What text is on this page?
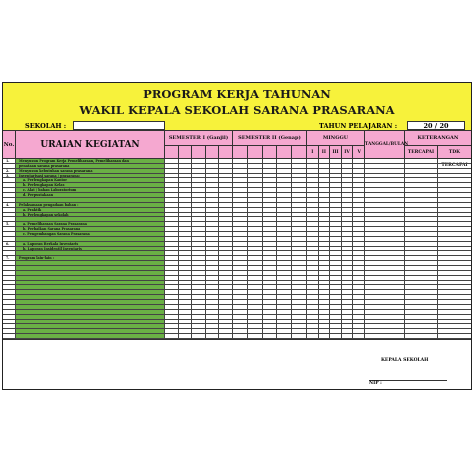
PROGRAM KERJA TAHUNAN
WAKIL KEPALA SEKOLAH SARANA PRASARANA
SEKOLAH :	TAHUN PELAJARAN :	20 / 20
No.	URAIAN KEGIATAN
SEMESTER I (Ganjil)	SEMESTER II (Genap)	MINGGU
I	II	III	IV	V
TANGGAL/BULAN
KETERANGAN
TERCAPAI	TDK TERCAPAI
1.	Menyusun Program Kerja Pemeliharaan, Pemeliharaan dan
penataan sarana prasarana
2.	Menyusun kebutuhan sarana prasarana
3.	Inventarisasi sarana / prasarana:
a. Perlengkapan Kantor
b. Perlengkapan Kelas
c. Alat / bahan Laboratorium
d. Perpustakaan
4.	Pelaksanaan pengadaan bahan :
a. Praktik
b. Perlengkapan sekolah
5.	a. Pemeliharaan Sarana Prasarana
b. Perbaikan Sarana Prasarana
c. Pengembangan Sarana Prasarana
6.	a. Laporan Berkala Inventaris
b. Laporan Insidentil Inventaris
7.	Program lain-lain :
KEPALA SEKOLAH
NIP :
